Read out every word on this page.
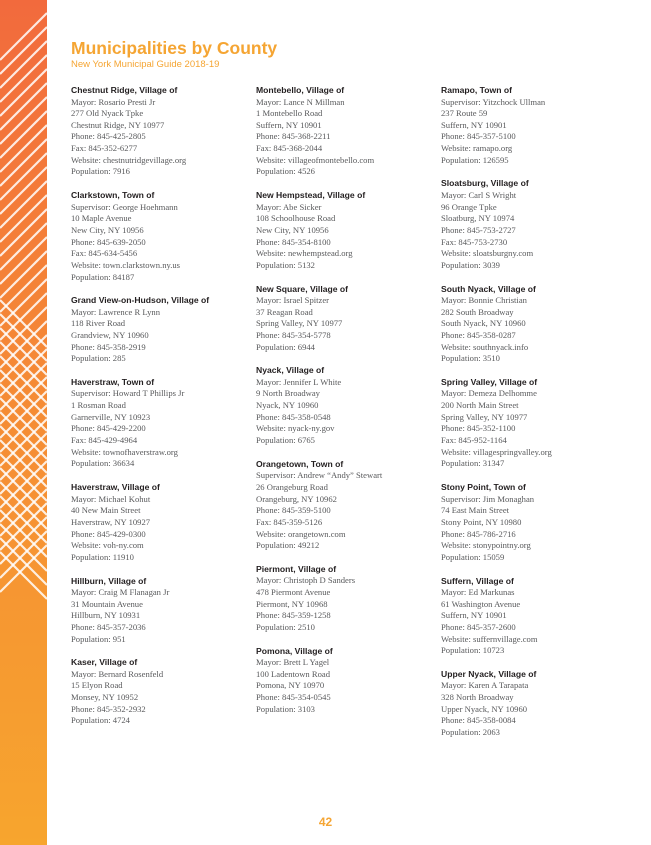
Municipalities by County
New York Municipal Guide 2018-19
Chestnut Ridge, Village of
Mayor: Rosario Presti Jr
277 Old Nyack Tpke
Chestnut Ridge, NY 10977
Phone: 845-425-2805
Fax: 845-352-6277
Website: chestnutridgevillage.org
Population: 7916
Clarkstown, Town of
Supervisor: George Hoehmann
10 Maple Avenue
New City, NY 10956
Phone: 845-639-2050
Fax: 845-634-5456
Website: town.clarkstown.ny.us
Population: 84187
Grand View-on-Hudson, Village of
Mayor: Lawrence R Lynn
118 River Road
Grandview, NY 10960
Phone: 845-358-2919
Population: 285
Haverstraw, Town of
Supervisor: Howard T Phillips Jr
1 Rosman Road
Garnerville, NY 10923
Phone: 845-429-2200
Fax: 845-429-4964
Website: townofhaverstraw.org
Population: 36634
Haverstraw, Village of
Mayor: Michael Kohut
40 New Main Street
Haverstraw, NY 10927
Phone: 845-429-0300
Website: voh-ny.com
Population: 11910
Hillburn, Village of
Mayor: Craig M Flanagan Jr
31 Mountain Avenue
Hillburn, NY 10931
Phone: 845-357-2036
Population: 951
Kaser, Village of
Mayor: Bernard Rosenfeld
15 Elyon Road
Monsey, NY 10952
Phone: 845-352-2932
Population: 4724
Montebello, Village of
Mayor: Lance N Millman
1 Montebello Road
Suffern, NY 10901
Phone: 845-368-2211
Fax: 845-368-2044
Website: villageofmontebello.com
Population: 4526
New Hempstead, Village of
Mayor: Abe Sicker
108 Schoolhouse Road
New City, NY 10956
Phone: 845-354-8100
Website: newhempstead.org
Population: 5132
New Square, Village of
Mayor: Israel Spitzer
37 Reagan Road
Spring Valley, NY 10977
Phone: 845-354-5778
Population: 6944
Nyack, Village of
Mayor: Jennifer L White
9 North Broadway
Nyack, NY 10960
Phone: 845-358-0548
Website: nyack-ny.gov
Population: 6765
Orangetown, Town of
Supervisor: Andrew “Andy” Stewart
26 Orangeburg Road
Orangeburg, NY 10962
Phone: 845-359-5100
Fax: 845-359-5126
Website: orangetown.com
Population: 49212
Piermont, Village of
Mayor: Christoph D Sanders
478 Piermont Avenue
Piermont, NY 10968
Phone: 845-359-1258
Population: 2510
Pomona, Village of
Mayor: Brett L Yagel
100 Ladentown Road
Pomona, NY 10970
Phone: 845-354-0545
Population: 3103
Ramapo, Town of
Supervisor: Yitzchock Ullman
237 Route 59
Suffern, NY 10901
Phone: 845-357-5100
Website: ramapo.org
Population: 126595
Sloatsburg, Village of
Mayor: Carl S Wright
96 Orange Tpke
Sloatburg, NY 10974
Phone: 845-753-2727
Fax: 845-753-2730
Website: sloatsburgny.com
Population: 3039
South Nyack, Village of
Mayor: Bonnie Christian
282 South Broadway
South Nyack, NY 10960
Phone: 845-358-0287
Website: southnyack.info
Population: 3510
Spring Valley, Village of
Mayor: Demeza Delhomme
200 North Main Street
Spring Valley, NY 10977
Phone: 845-352-1100
Fax: 845-952-1164
Website: villagespringvalley.org
Population: 31347
Stony Point, Town of
Supervisor: Jim Monaghan
74 East Main Street
Stony Point, NY 10980
Phone: 845-786-2716
Website: stonypointny.org
Population: 15059
Suffern, Village of
Mayor: Ed Markunas
61 Washington Avenue
Suffern, NY 10901
Phone: 845-357-2600
Website: suffernvillage.com
Population: 10723
Upper Nyack, Village of
Mayor: Karen A Tarapata
328 North Broadway
Upper Nyack, NY 10960
Phone: 845-358-0084
Population: 2063
42
